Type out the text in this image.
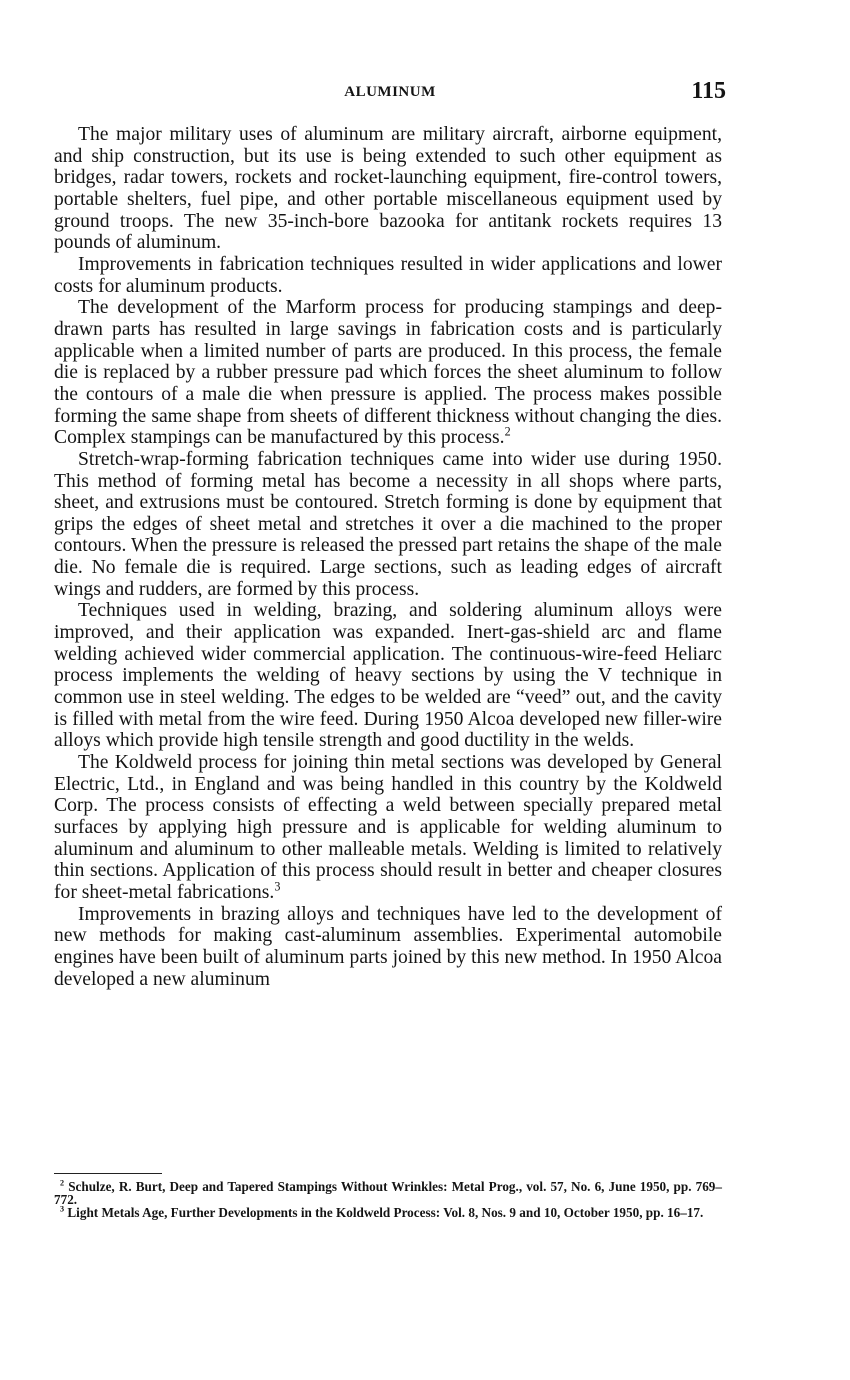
ALUMINUM	115

The major military uses of aluminum are military aircraft, airborne equipment, and ship construction, but its use is being extended to such other equipment as bridges, radar towers, rockets and rocket-launching equipment, fire-control towers, portable shelters, fuel pipe, and other portable miscellaneous equipment used by ground troops. The new 35-inch-bore bazooka for antitank rockets requires 13 pounds of aluminum.

Improvements in fabrication techniques resulted in wider applications and lower costs for aluminum products.

The development of the Marform process for producing stampings and deep-drawn parts has resulted in large savings in fabrication costs and is particularly applicable when a limited number of parts are produced. In this process, the female die is replaced by a rubber pressure pad which forces the sheet aluminum to follow the contours of a male die when pressure is applied. The process makes possible forming the same shape from sheets of different thickness without changing the dies. Complex stampings can be manufactured by this process.$^2$

Stretch-wrap-forming fabrication techniques came into wider use during 1950. This method of forming metal has become a necessity in all shops where parts, sheet, and extrusions must be contoured. Stretch forming is done by equipment that grips the edges of sheet metal and stretches it over a die machined to the proper contours. When the pressure is released the pressed part retains the shape of the male die. No female die is required. Large sections, such as leading edges of aircraft wings and rudders, are formed by this process.

Techniques used in welding, brazing, and soldering aluminum alloys were improved, and their application was expanded. Inert-gas-shield arc and flame welding achieved wider commercial application. The continuous-wire-feed Heliarc process implements the welding of heavy sections by using the V technique in common use in steel welding. The edges to be welded are “veed” out, and the cavity is filled with metal from the wire feed. During 1950 Alcoa developed new filler-wire alloys which provide high tensile strength and good ductility in the welds.

The Koldweld process for joining thin metal sections was developed by General Electric, Ltd., in England and was being handled in this country by the Koldweld Corp. The process consists of effecting a weld between specially prepared metal surfaces by applying high pressure and is applicable for welding aluminum to aluminum and aluminum to other malleable metals. Welding is limited to relatively thin sections. Application of this process should result in better and cheaper closures for sheet-metal fabrications.$^3$

Improvements in brazing alloys and techniques have led to the development of new methods for making cast-aluminum assemblies. Experimental automobile engines have been built of aluminum parts joined by this new method. In 1950 Alcoa developed a new aluminum

$^2$ Schulze, R. Burt, Deep and Tapered Stampings Without Wrinkles: Metal Prog., vol. 57, No. 6, June 1950, pp. 769–772.

$^3$ Light Metals Age, Further Developments in the Koldweld Process: Vol. 8, Nos. 9 and 10, October 1950, pp. 16–17.
